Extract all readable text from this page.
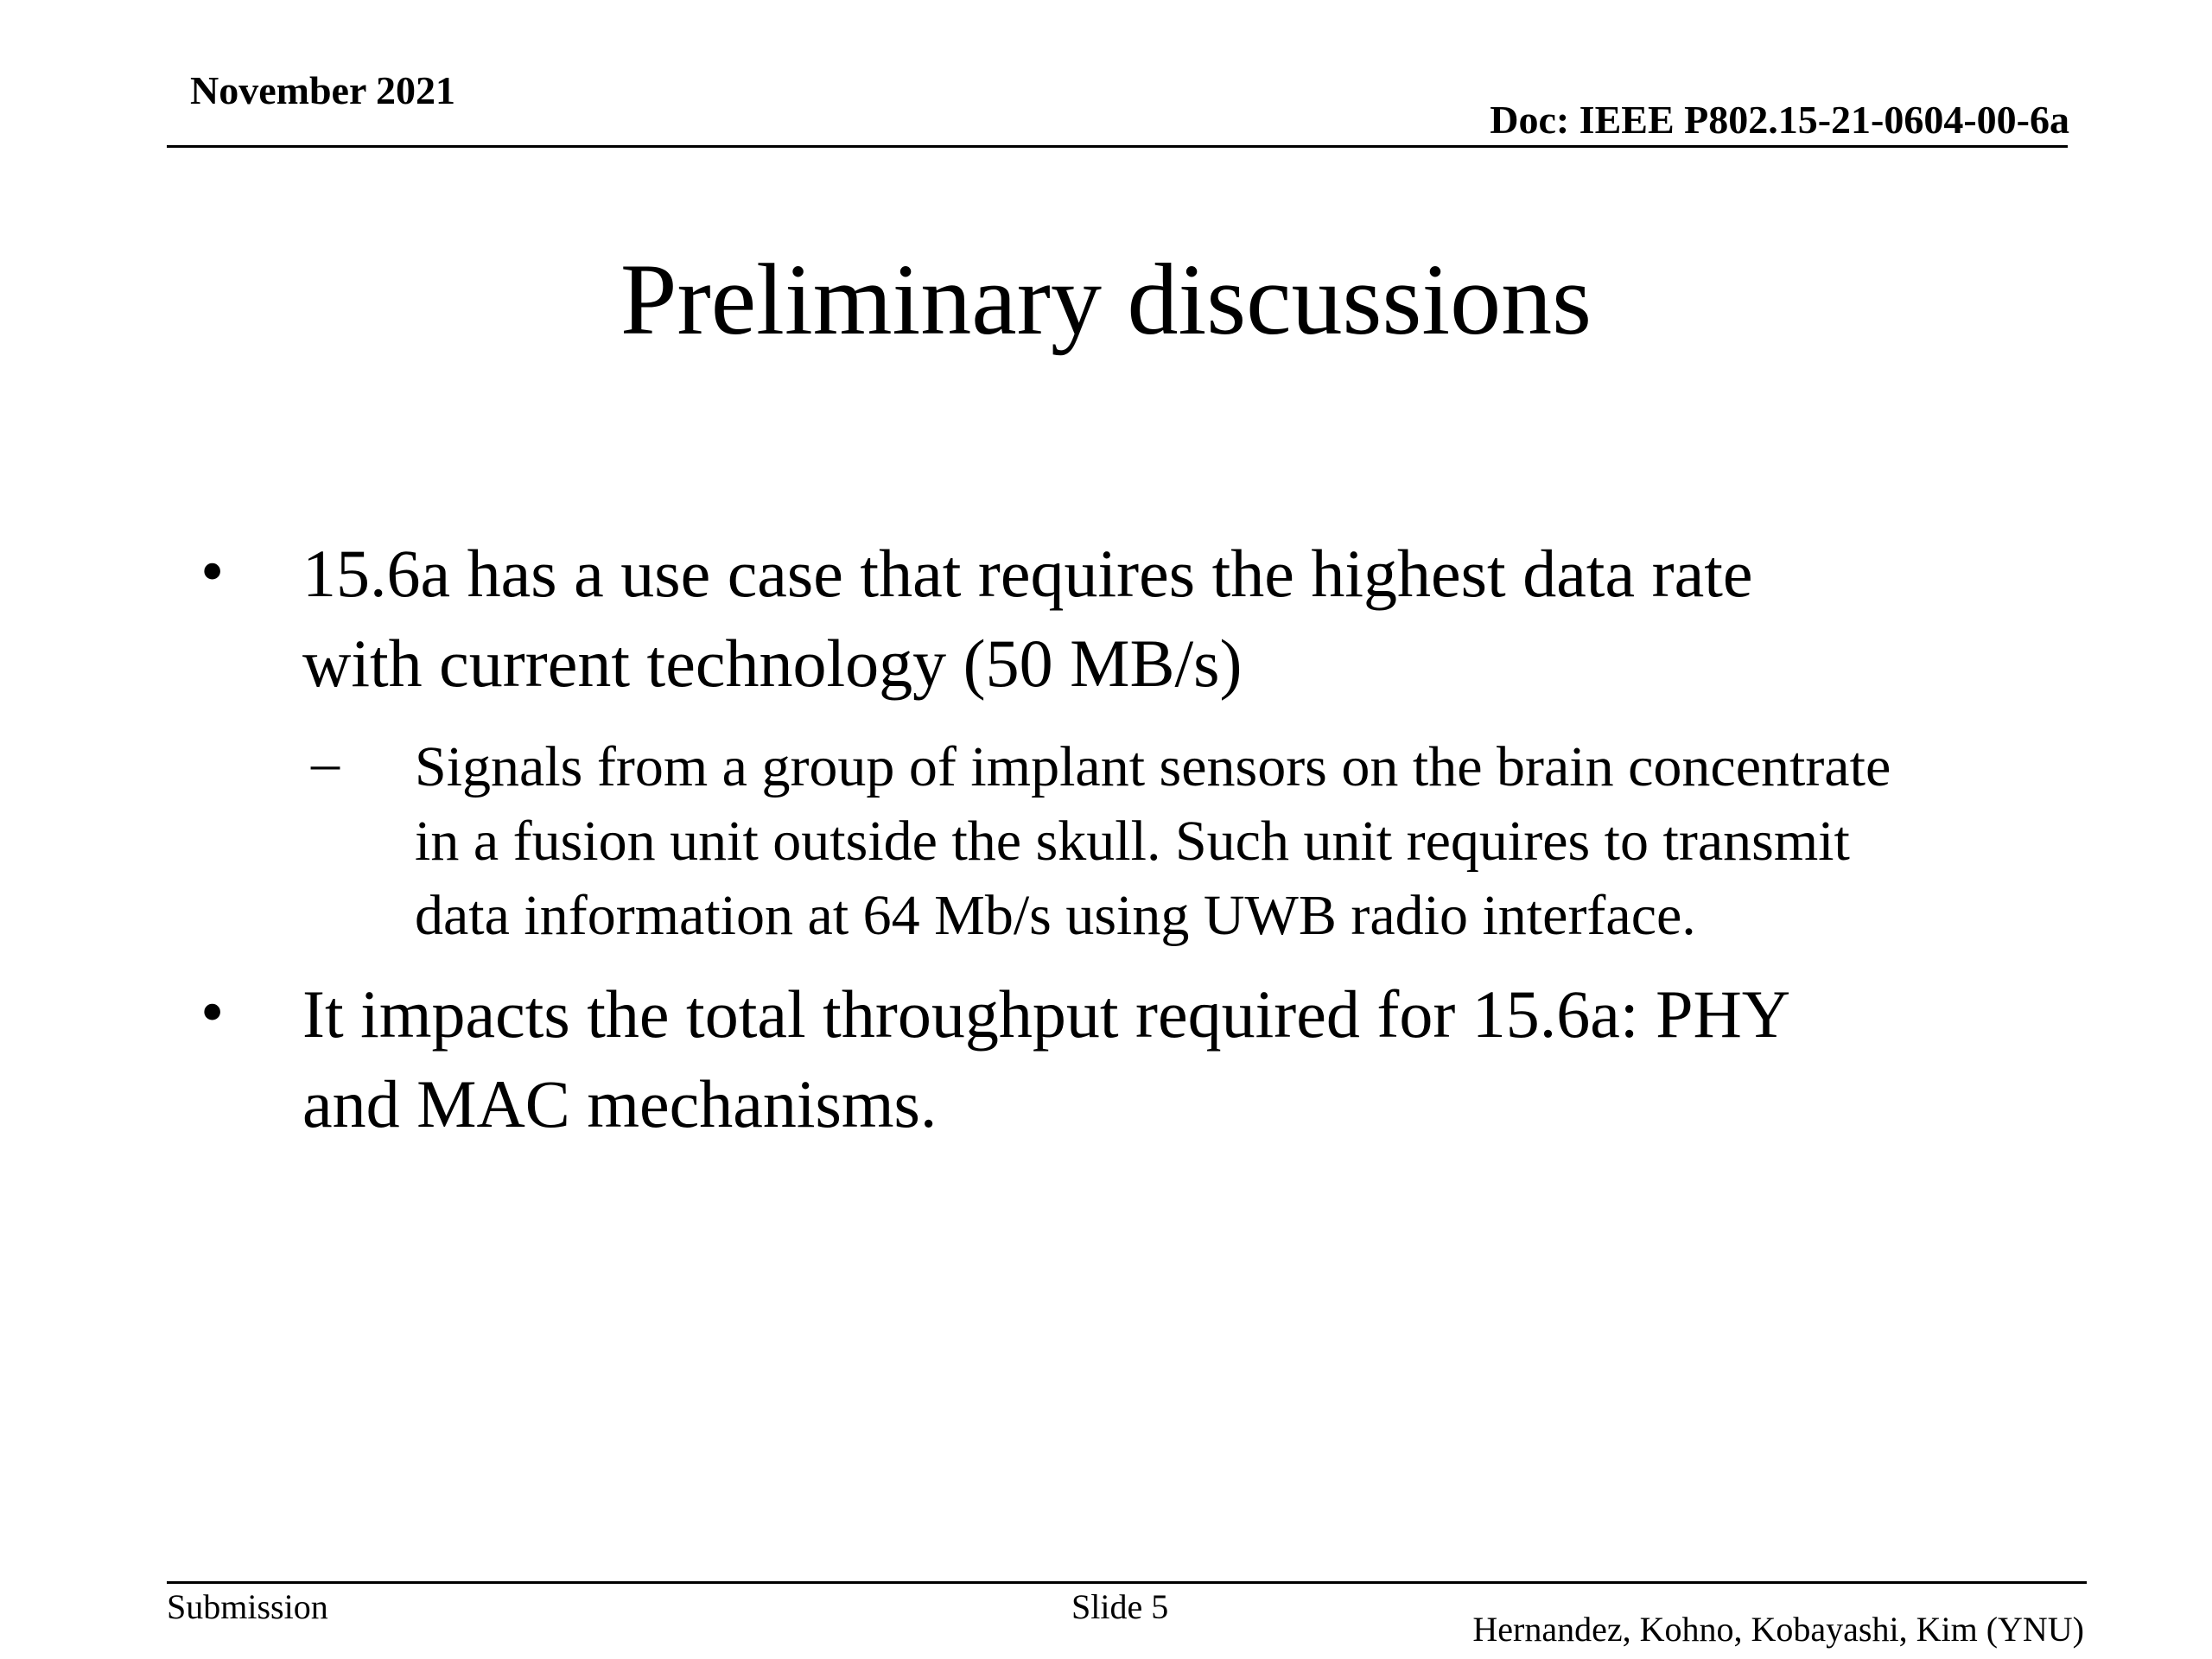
November 2021
Doc: IEEE P802.15-21-0604-00-6a
Preliminary discussions
• 15.6a has a use case that requires the highest data rate
with current technology (50 MB/s)
– Signals from a group of implant sensors on the brain concentrate
in a fusion unit outside the skull. Such unit requires to transmit
data information at 64 Mb/s using UWB radio interface.
• It impacts the total throughput required for 15.6a: PHY
and MAC mechanisms.
Submission	Slide 5
Hernandez, Kohno, Kobayashi, Kim (YNU)
